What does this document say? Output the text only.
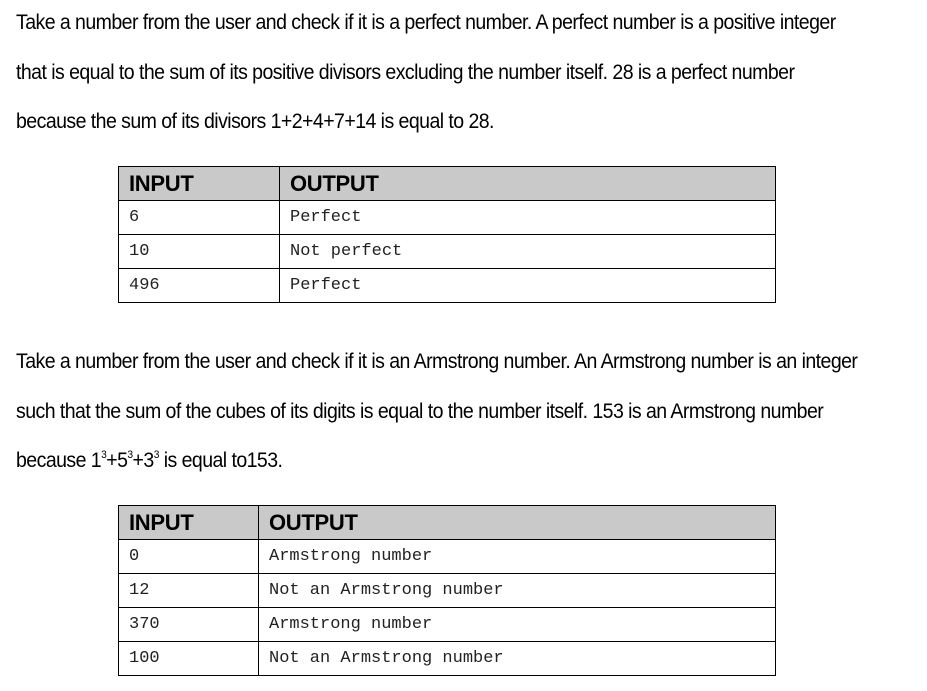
Take a number from the user and check if it is a perfect number. A perfect number is a positive integer
that is equal to the sum of its positive divisors excluding the number itself. 28 is a perfect number
because the sum of its divisors 1+2+4+7+14 is equal to 28.
INPUT	OUTPUT
6	Perfect
10	Not perfect
496	Perfect
Take a number from the user and check if it is an Armstrong number. An Armstrong number is an integer
such that the sum of the cubes of its digits is equal to the number itself. 153 is an Armstrong number
because $1^3+5^3+3^3$ is equal to153.
INPUT	OUTPUT
0	Armstrong number
12	Not an Armstrong number
370	Armstrong number
100	Not an Armstrong number
